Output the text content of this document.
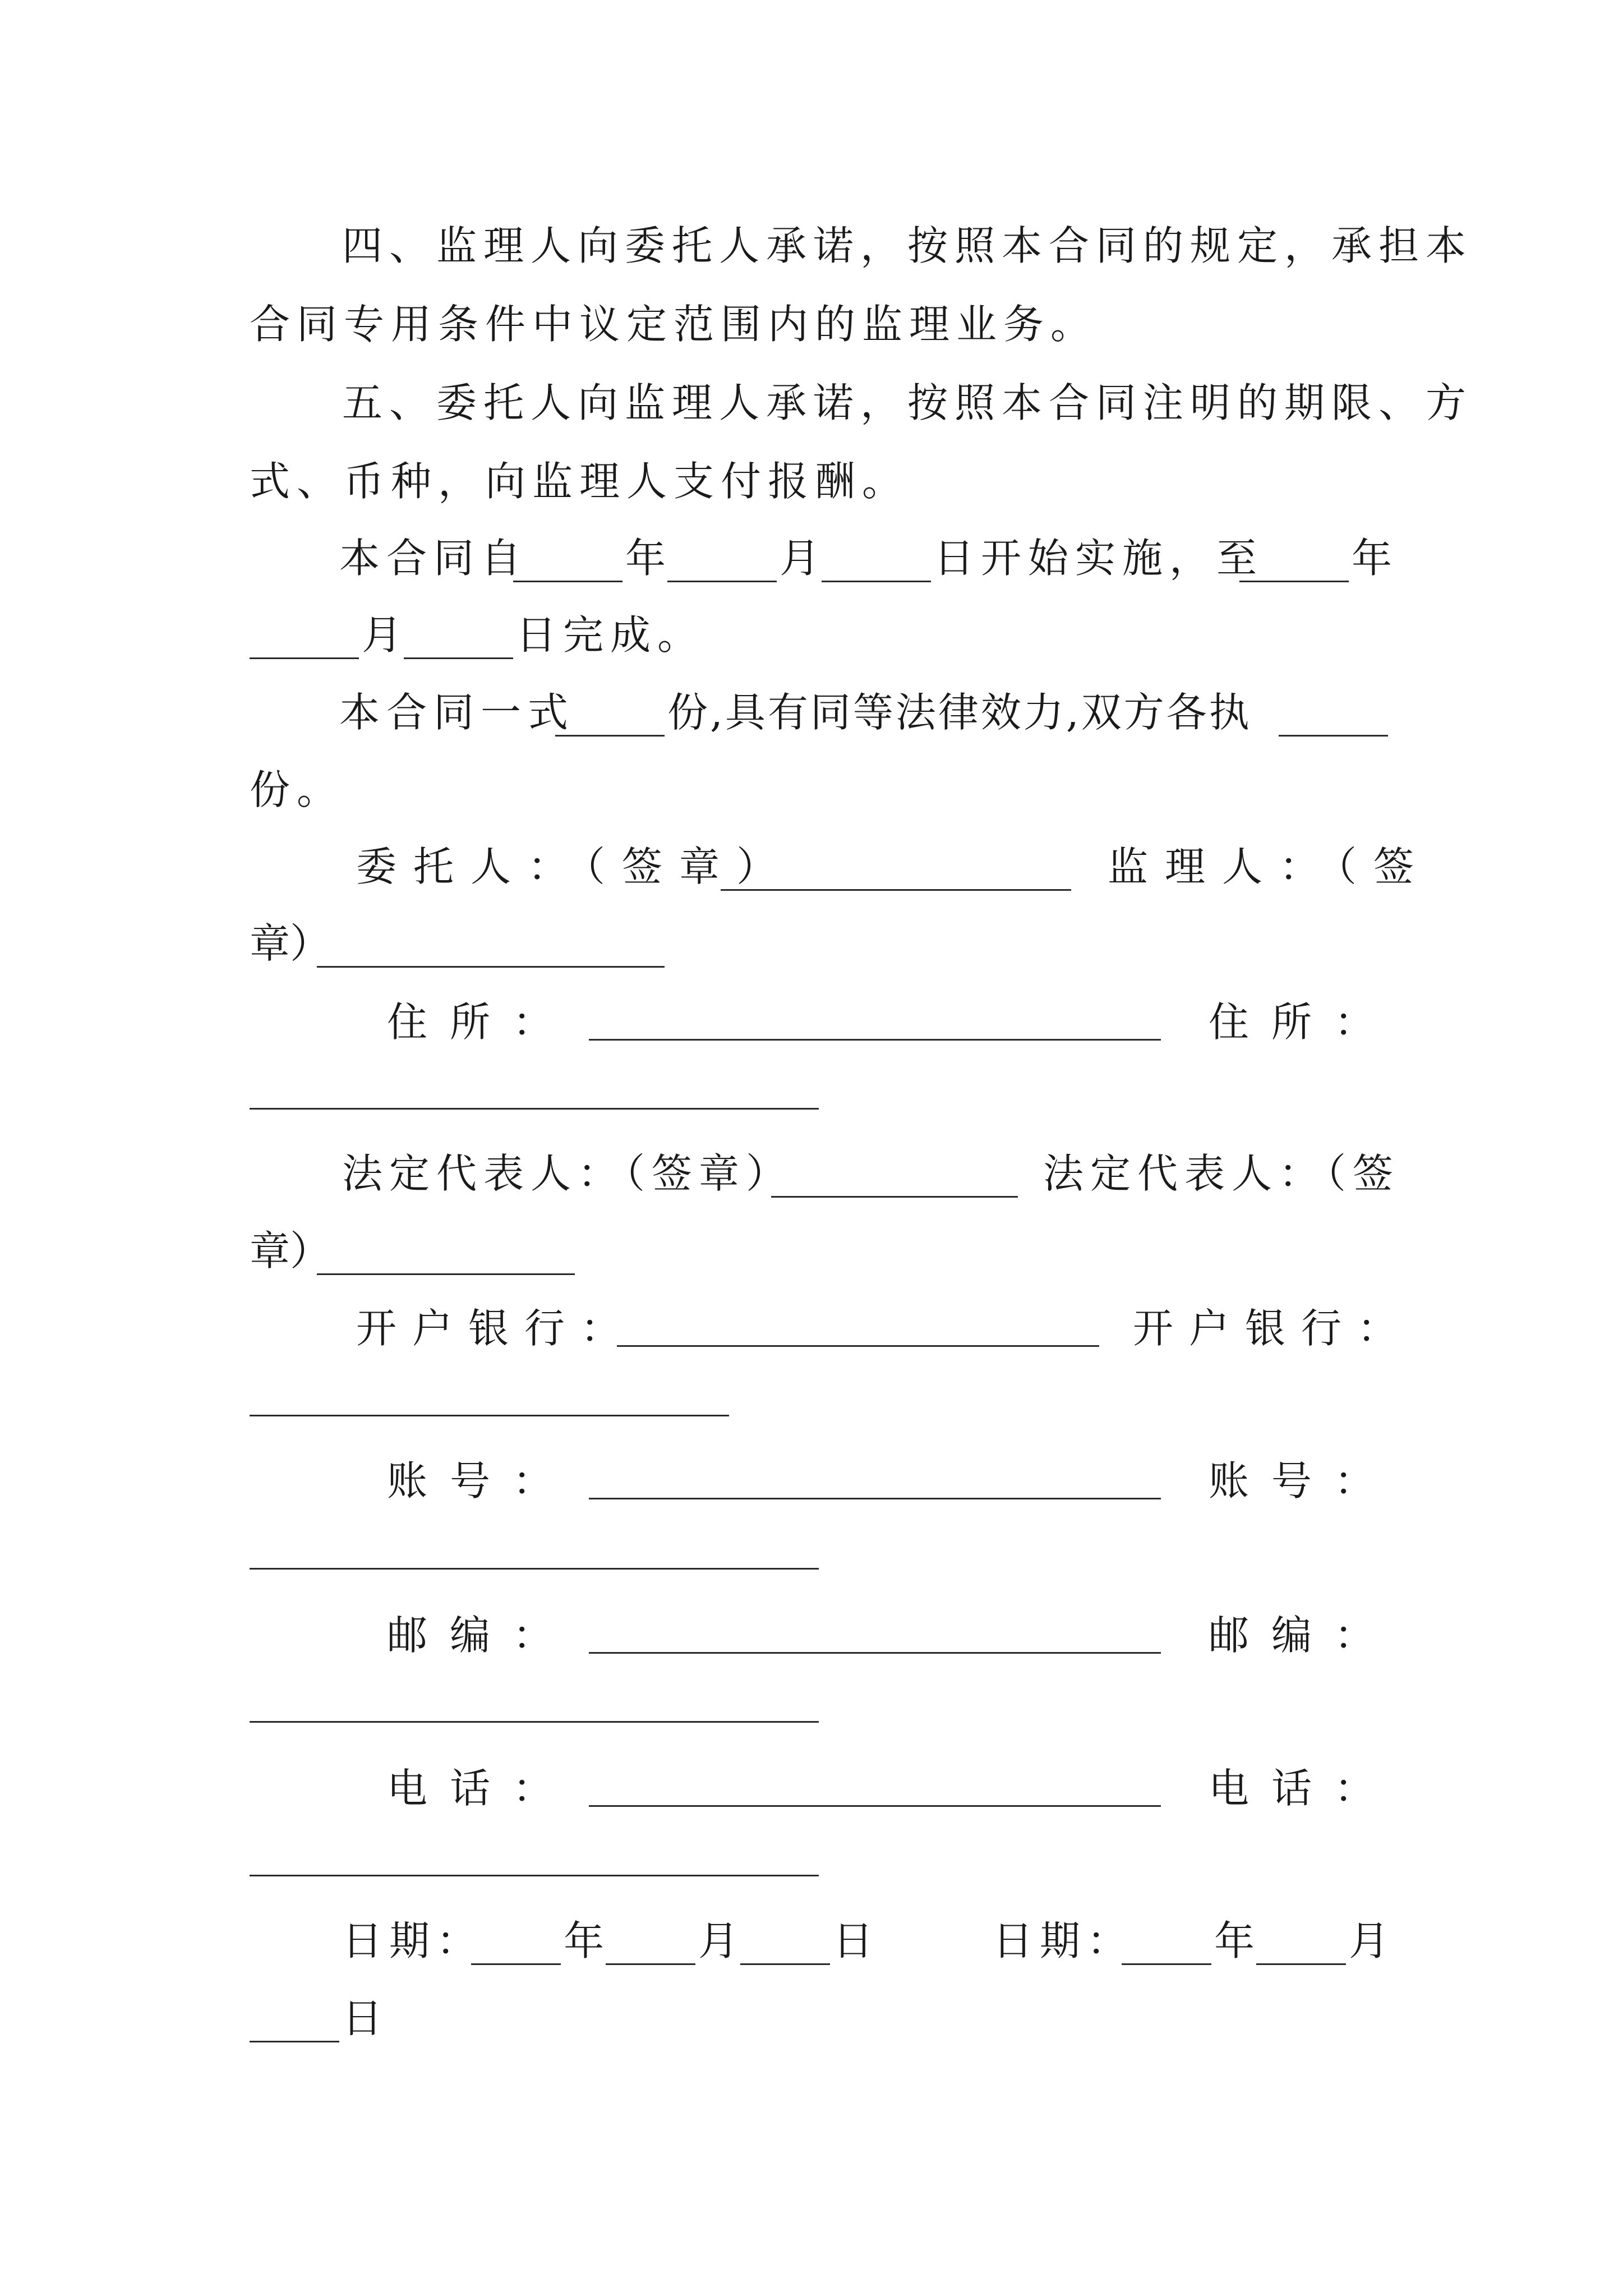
四、监理人向委托人承诺，按照本合同的规定，承担本
合同专用条件中议定范围内的监理业务。
五、委托人向监理人承诺，按照本合同注明的期限、方
式、币种，向监理人支付报酬。
本合同自 年	月	日开始实施，至 年
月	日完成。
本合同一式 份,具有同等法律效力,双方各执
份。
委托人：（签章）	监理人：（签
章）
住所：	住所：
法定代表人：（签章）	法定代表人：（签
章）
开户银行：	开户银行：
账号：	账号：
邮编：	邮编：
电话：	电话：
日期： 年 月 日	日期： 年 月
日
